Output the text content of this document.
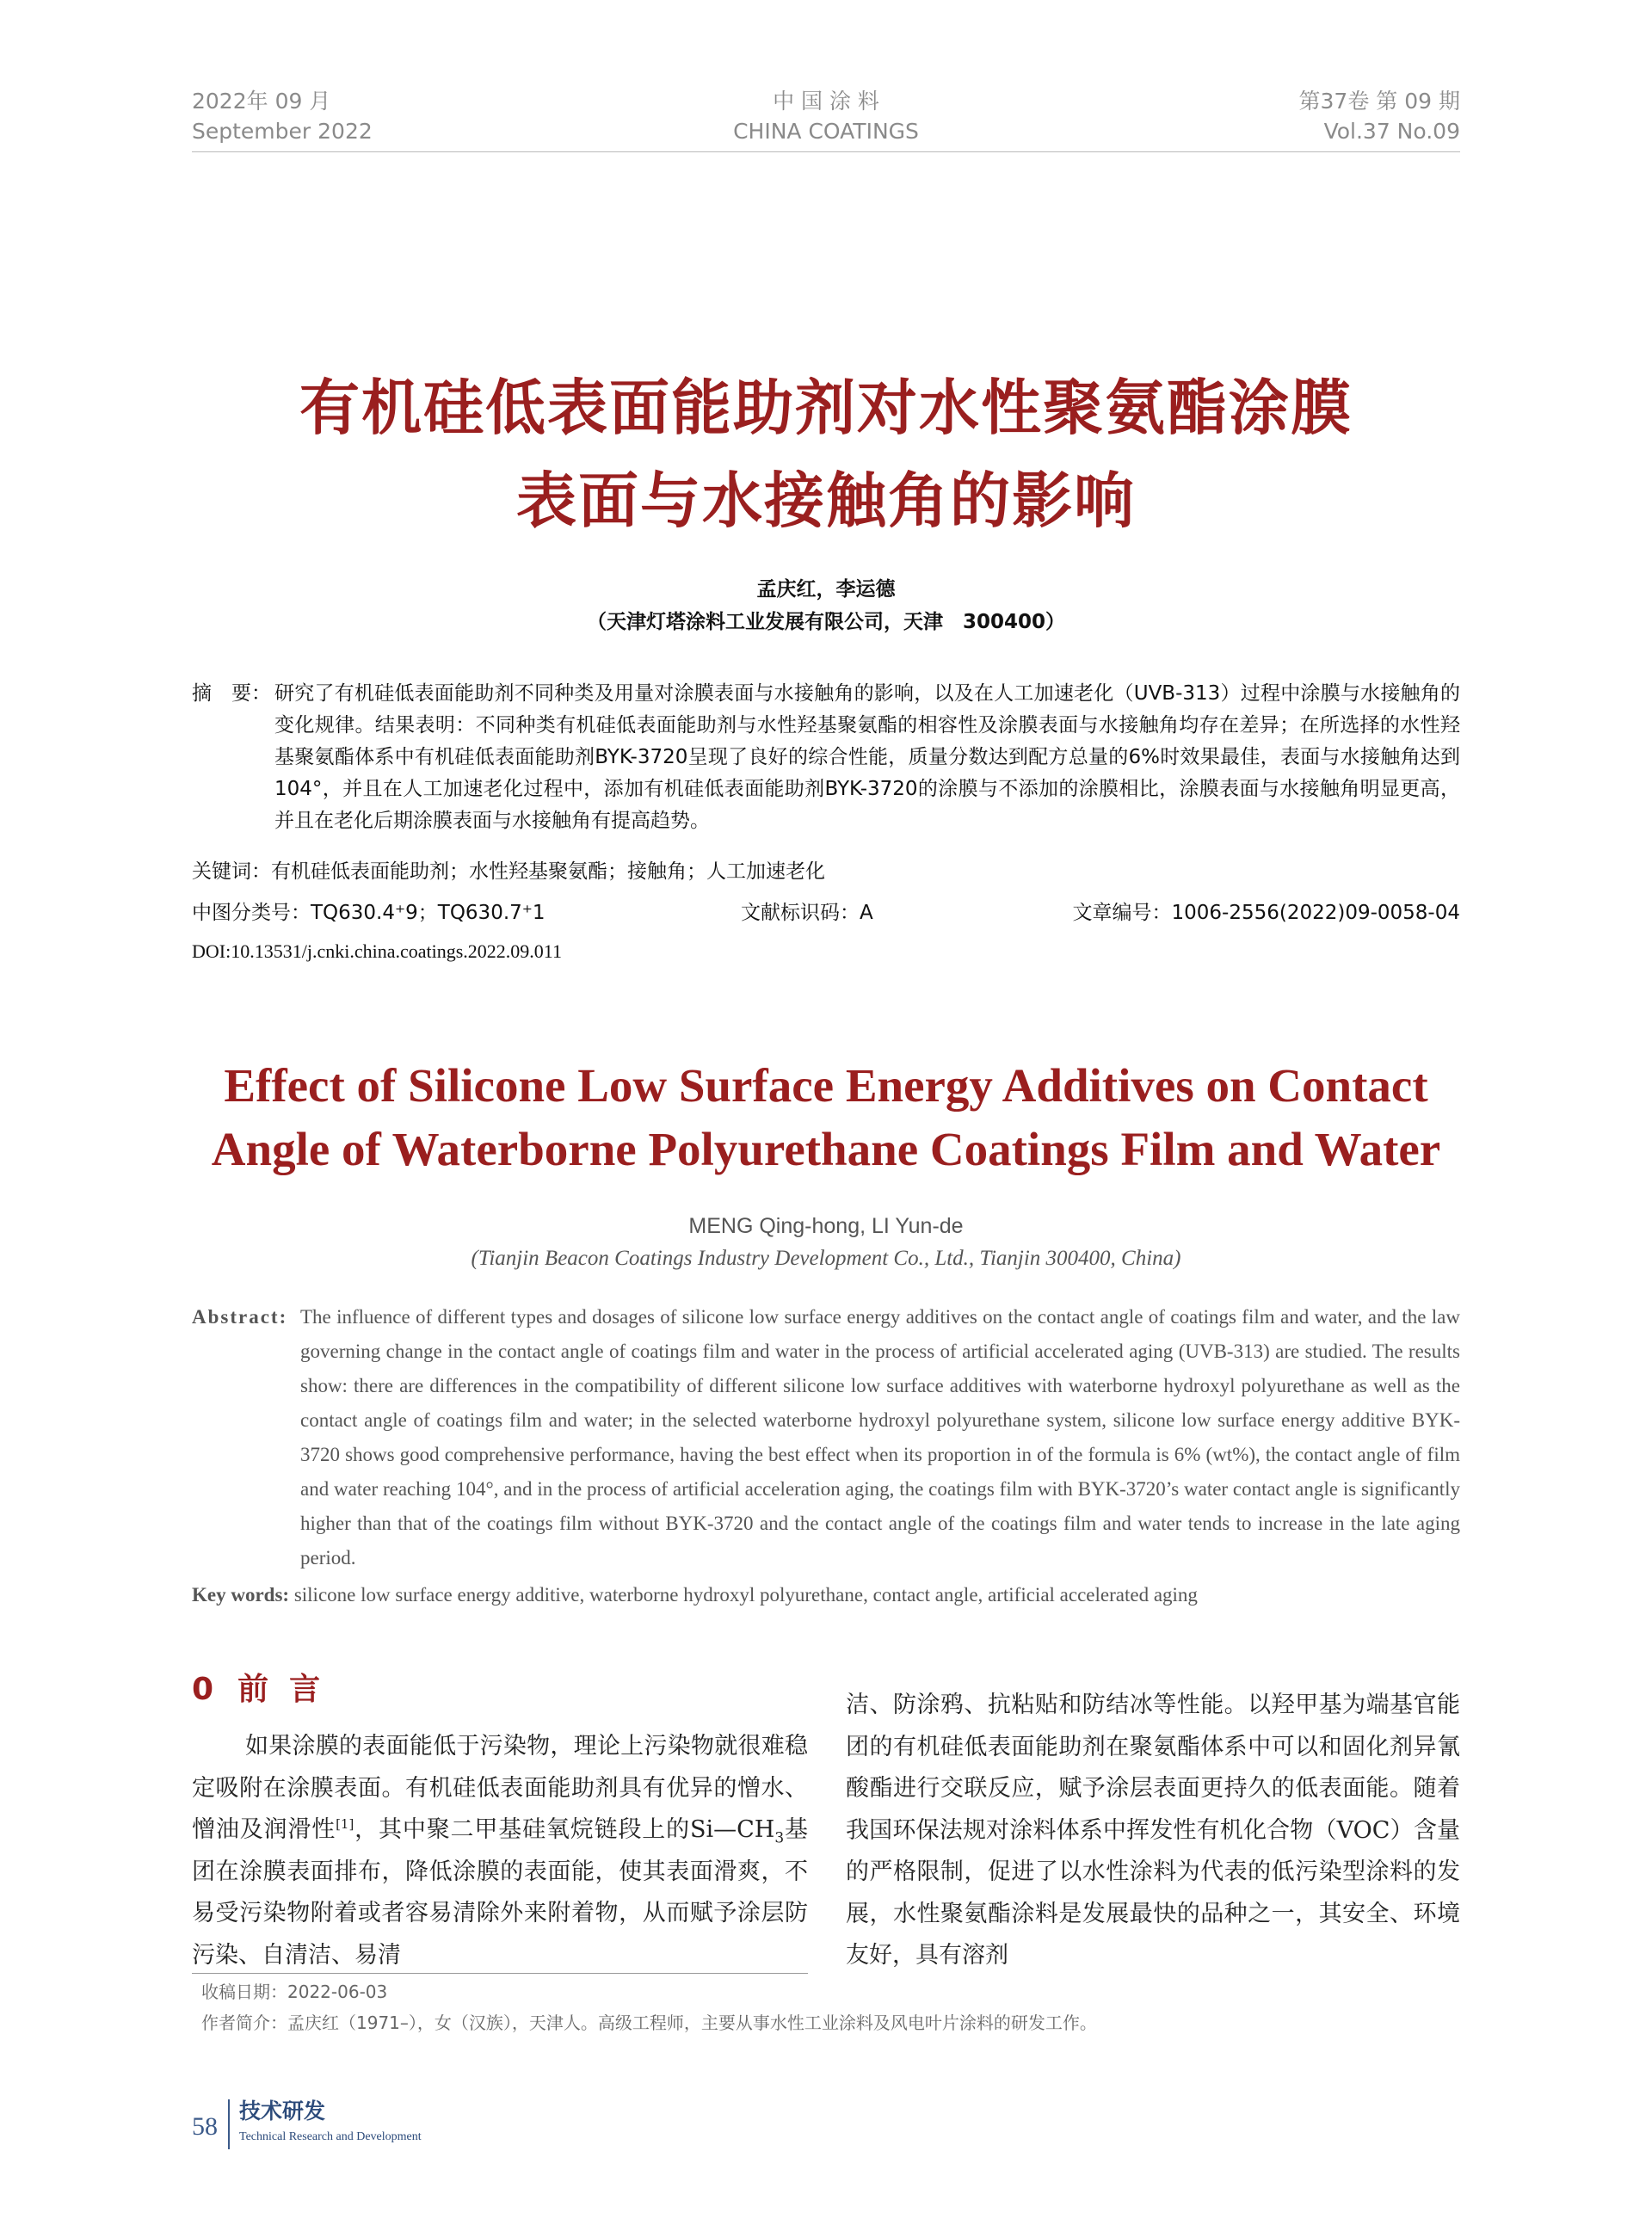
2022年 09 月
September 2022
中 国 涂 料
CHINA COATINGS
第37卷 第 09 期
Vol.37 No.09
有机硅低表面能助剂对水性聚氨酯涂膜
表面与水接触角的影响
孟庆红，李运德
（天津灯塔涂料工业发展有限公司，天津　300400）
摘　要： 研究了有机硅低表面能助剂不同种类及用量对涂膜表面与水接触角的影响，以及在人工加速老化（UVB-313）过程中涂膜与水接触角的变化规律。结果表明：不同种类有机硅低表面能助剂与水性羟基聚氨酯的相容性及涂膜表面与水接触角均存在差异；在所选择的水性羟基聚氨酯体系中有机硅低表面能助剂BYK-3720呈现了良好的综合性能，质量分数达到配方总量的6%时效果最佳，表面与水接触角达到104°，并且在人工加速老化过程中，添加有机硅低表面能助剂BYK-3720的涂膜与不添加的涂膜相比，涂膜表面与水接触角明显更高，并且在老化后期涂膜表面与水接触角有提高趋势。
关键词：有机硅低表面能助剂；水性羟基聚氨酯；接触角；人工加速老化
中图分类号：TQ630.4⁺9；TQ630.7⁺1	文献标识码：A	文章编号：1006-2556(2022)09-0058-04
DOI:10.13531/j.cnki.china.coatings.2022.09.011
Effect of Silicone Low Surface Energy Additives on Contact
Angle of Waterborne Polyurethane Coatings Film and Water
MENG Qing-hong, LI Yun-de
(Tianjin Beacon Coatings Industry Development Co., Ltd., Tianjin 300400, China)
Abstract: The influence of different types and dosages of silicone low surface energy additives on the contact angle of coatings film and water, and the law governing change in the contact angle of coatings film and water in the process of artificial accelerated aging (UVB-313) are studied. The results show: there are differences in the compatibility of different silicone low surface additives with waterborne hydroxyl polyurethane as well as the contact angle of coatings film and water; in the selected waterborne hydroxyl polyurethane system, silicone low surface energy additive BYK-3720 shows good comprehensive performance, having the best effect when its proportion in of the formula is 6% (wt%), the contact angle of film and water reaching 104°, and in the process of artificial acceleration aging, the coatings film with BYK-3720’s water contact angle is significantly higher than that of the coatings film without BYK-3720 and the contact angle of the coatings film and water tends to increase in the late aging period.
Key words: silicone low surface energy additive, waterborne hydroxyl polyurethane, contact angle, artificial accelerated aging
0 前言
如果涂膜的表面能低于污染物，理论上污染物就很难稳定吸附在涂膜表面。有机硅低表面能助剂具有优异的憎水、憎油及润滑性[1]，其中聚二甲基硅氧烷链段上的$Si—CH_3$基团在涂膜表面排布，降低涂膜的表面能，使其表面滑爽，不易受污染物附着或者容易清除外来附着物，从而赋予涂层防污染、自清洁、易清
洁、防涂鸦、抗粘贴和防结冰等性能。以羟甲基为端基官能团的有机硅低表面能助剂在聚氨酯体系中可以和固化剂异氰酸酯进行交联反应，赋予涂层表面更持久的低表面能。随着我国环保法规对涂料体系中挥发性有机化合物（VOC）含量的严格限制，促进了以水性涂料为代表的低污染型涂料的发展，水性聚氨酯涂料是发展最快的品种之一，其安全、环境友好，具有溶剂
收稿日期：2022-06-03
作者简介：孟庆红（1971–），女（汉族），天津人。高级工程师，主要从事水性工业涂料及风电叶片涂料的研发工作。
58
技术研发
Technical Research and Development
